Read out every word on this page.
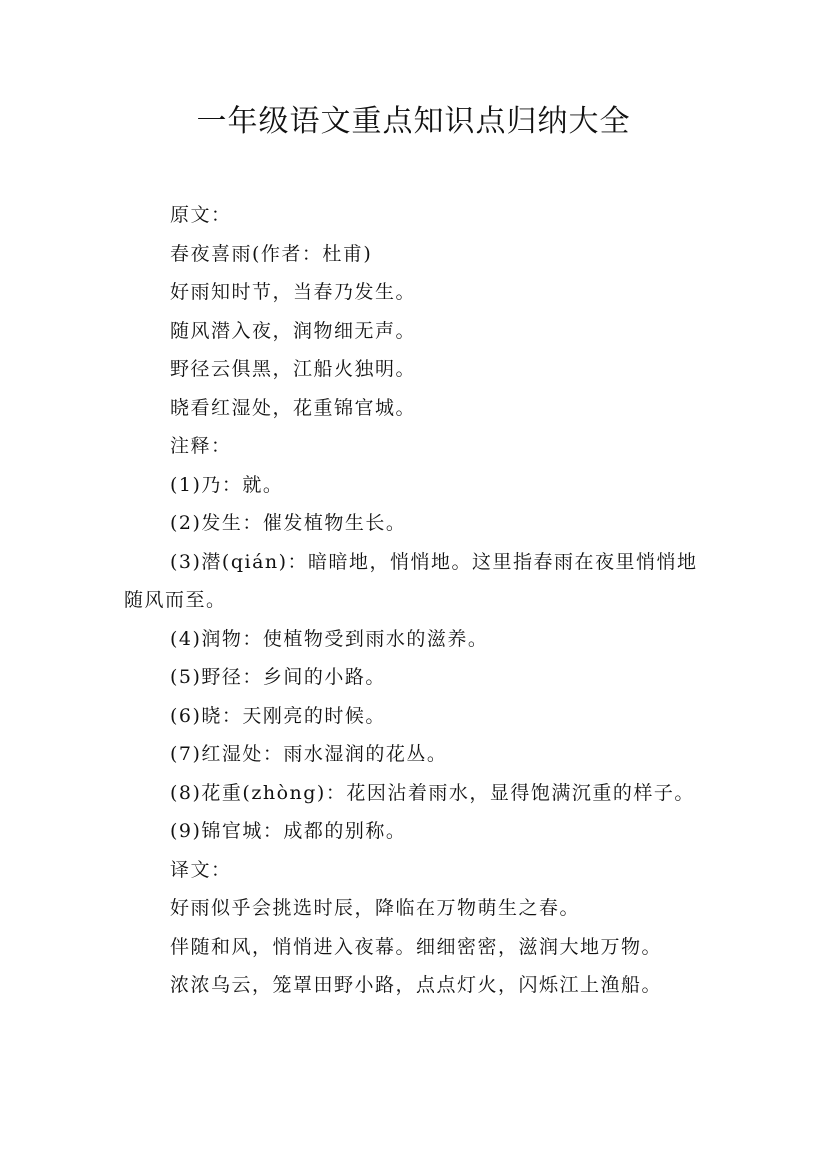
一年级语文重点知识点归纳大全

原文：

春夜喜雨(作者：杜甫)

好雨知时节，当春乃发生。

随风潜入夜，润物细无声。

野径云俱黑，江船火独明。

晓看红湿处，花重锦官城。

注释：

(1)乃：就。

(2)发生：催发植物生长。

(3)潜(qián)：暗暗地，悄悄地。这里指春雨在夜里悄悄地随风而至。

(4)润物：使植物受到雨水的滋养。

(5)野径：乡间的小路。

(6)晓：天刚亮的时候。

(7)红湿处：雨水湿润的花丛。

(8)花重(zhòng)：花因沾着雨水，显得饱满沉重的样子。

(9)锦官城：成都的别称。

译文：

好雨似乎会挑选时辰，降临在万物萌生之春。

伴随和风，悄悄进入夜幕。细细密密，滋润大地万物。

浓浓乌云，笼罩田野小路，点点灯火，闪烁江上渔船。
